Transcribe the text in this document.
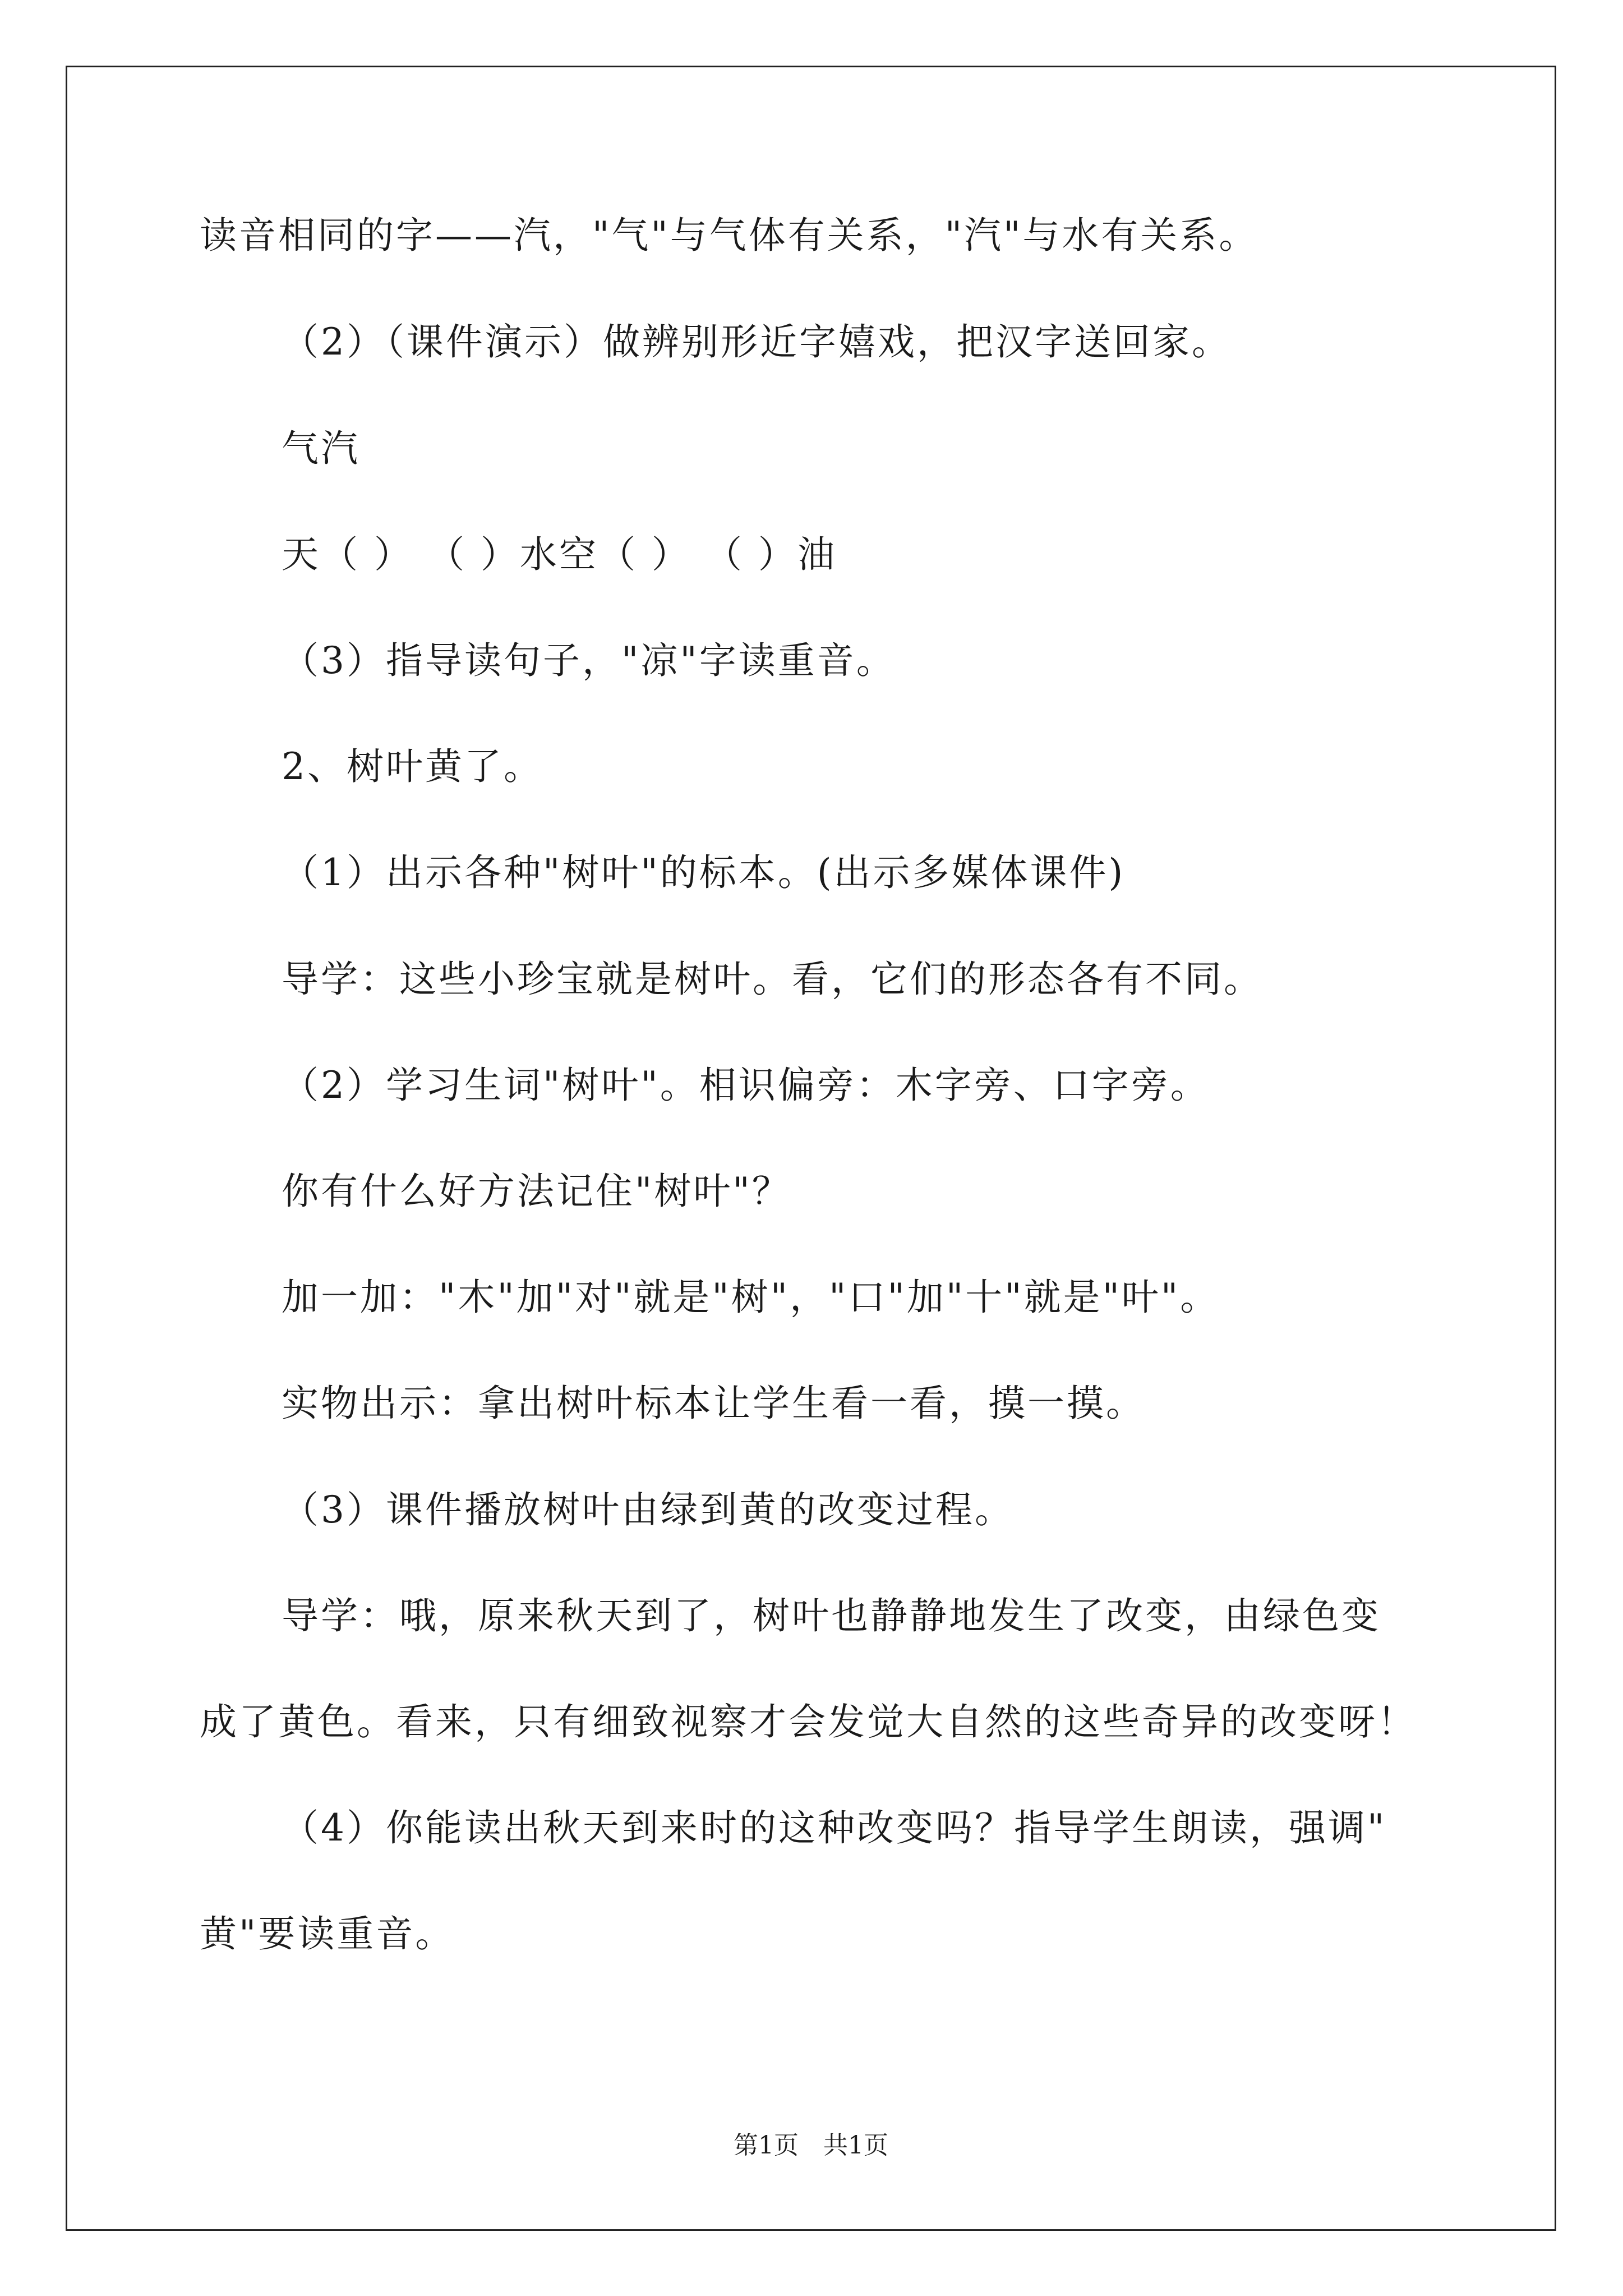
读音相同的字——汽，"气"与气体有关系，"汽"与水有关系。
（2）（课件演示）做辨别形近字嬉戏，把汉字送回家。
气汽
天（ ） （ ）水空（ ） （ ）油
（3）指导读句子，"凉"字读重音。
2、树叶黄了。
（1）出示各种"树叶"的标本。(出示多媒体课件)
导学：这些小珍宝就是树叶。看，它们的形态各有不同。
（2）学习生词"树叶"。相识偏旁：木字旁、口字旁。
你有什么好方法记住"树叶"？
加一加："木"加"对"就是"树"，"口"加"十"就是"叶"。
实物出示：拿出树叶标本让学生看一看，摸一摸。
（3）课件播放树叶由绿到黄的改变过程。
导学：哦，原来秋天到了，树叶也静静地发生了改变，由绿色变
成了黄色。看来，只有细致视察才会发觉大自然的这些奇异的改变呀！
（4）你能读出秋天到来时的这种改变吗？指导学生朗读，强调"
黄"要读重音。
第1页　共1页
